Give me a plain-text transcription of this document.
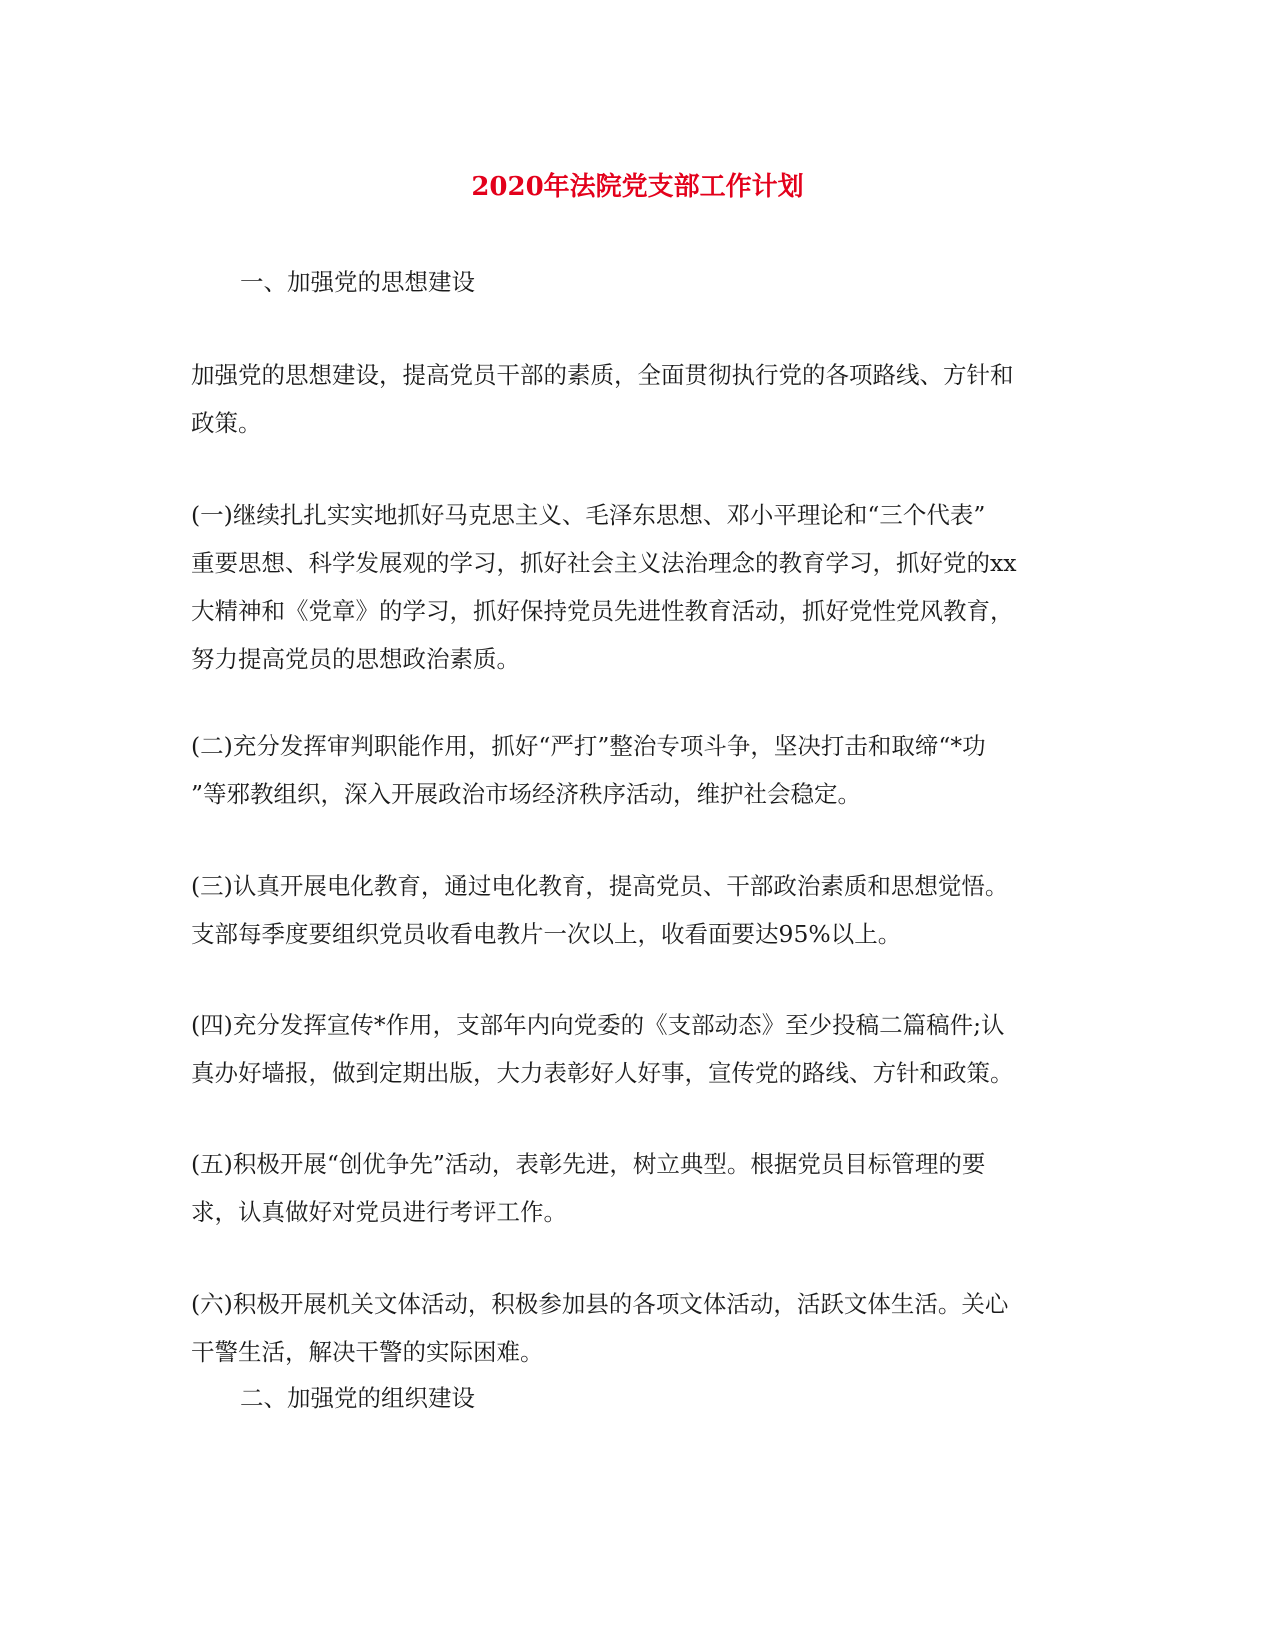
2020年法院党支部工作计划
一、加强党的思想建设
加强党的思想建设，提高党员干部的素质，全面贯彻执行党的各项路线、方针和
政策。
(一)继续扎扎实实地抓好马克思主义、毛泽东思想、邓小平理论和“三个代表”
重要思想、科学发展观的学习，抓好社会主义法治理念的教育学习，抓好党的xx
大精神和《党章》的学习，抓好保持党员先进性教育活动，抓好党性党风教育，
努力提高党员的思想政治素质。
(二)充分发挥审判职能作用，抓好“严打”整治专项斗争，坚决打击和取缔“*功
”等邪教组织，深入开展政治市场经济秩序活动，维护社会稳定。
(三)认真开展电化教育，通过电化教育，提高党员、干部政治素质和思想觉悟。
支部每季度要组织党员收看电教片一次以上，收看面要达95%以上。
(四)充分发挥宣传*作用，支部年内向党委的《支部动态》至少投稿二篇稿件;认
真办好墙报，做到定期出版，大力表彰好人好事，宣传党的路线、方针和政策。
(五)积极开展“创优争先”活动，表彰先进，树立典型。根据党员目标管理的要
求，认真做好对党员进行考评工作。
(六)积极开展机关文体活动，积极参加县的各项文体活动，活跃文体生活。关心
干警生活，解决干警的实际困难。
二、加强党的组织建设
